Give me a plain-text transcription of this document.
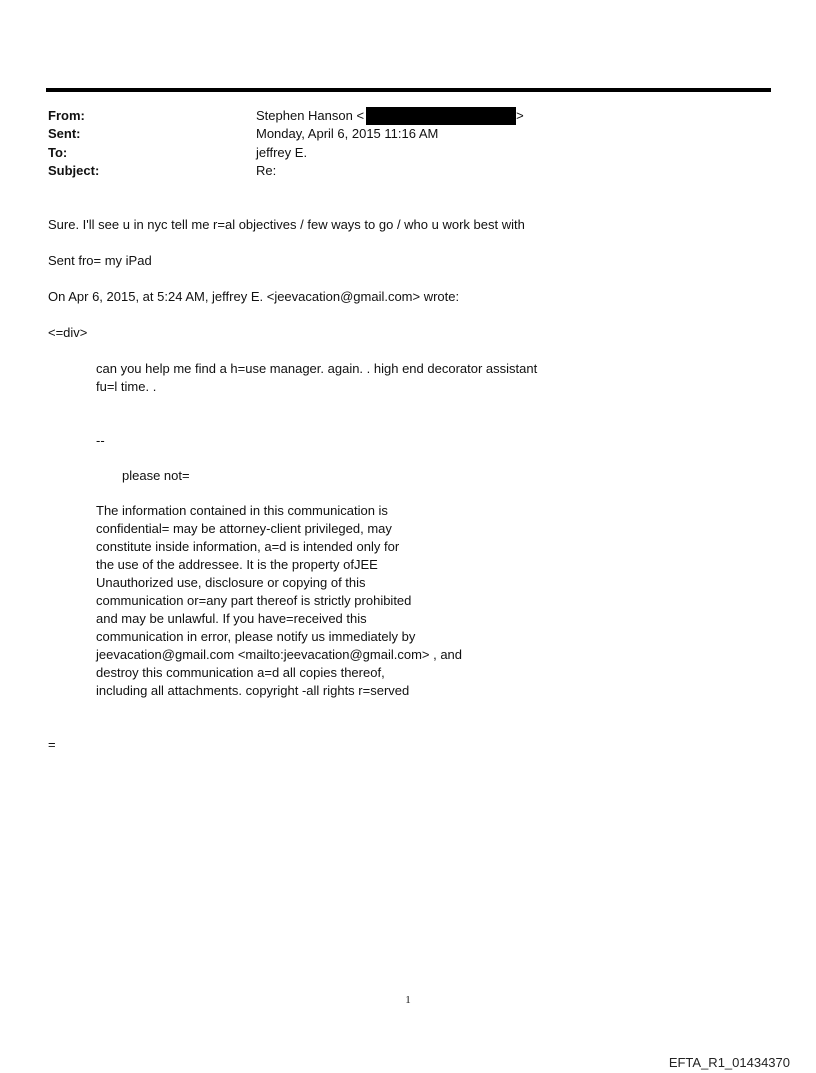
From:	Stephen Hanson <	>
Sent:	Monday, April 6, 2015 11:16 AM
To:	jeffrey E.
Subject:	Re:
Sure. I'll see u in nyc tell me r=al objectives / few ways to go / who u work best with
Sent fro= my iPad
On Apr 6, 2015, at 5:24 AM, jeffrey E. <jeevacation@gmail.com> wrote:
<=div>
can you help me find a h=use manager. again. . high end decorator assistant
fu=l time. .
--
please not=
The information contained in this communication is
confidential= may be attorney-client privileged, may
constitute inside information, a=d is intended only for
the use of the addressee. It is the property ofJEE
Unauthorized use, disclosure or copying of this
communication or=any part thereof is strictly prohibited
and may be unlawful. If you have=received this
communication in error, please notify us immediately by
jeevacation@gmail.com <mailto:jeevacation@gmail.com> , and
destroy this communication a=d all copies thereof,
including all attachments. copyright -all rights r=served
=
1
EFTA_R1_01434370
